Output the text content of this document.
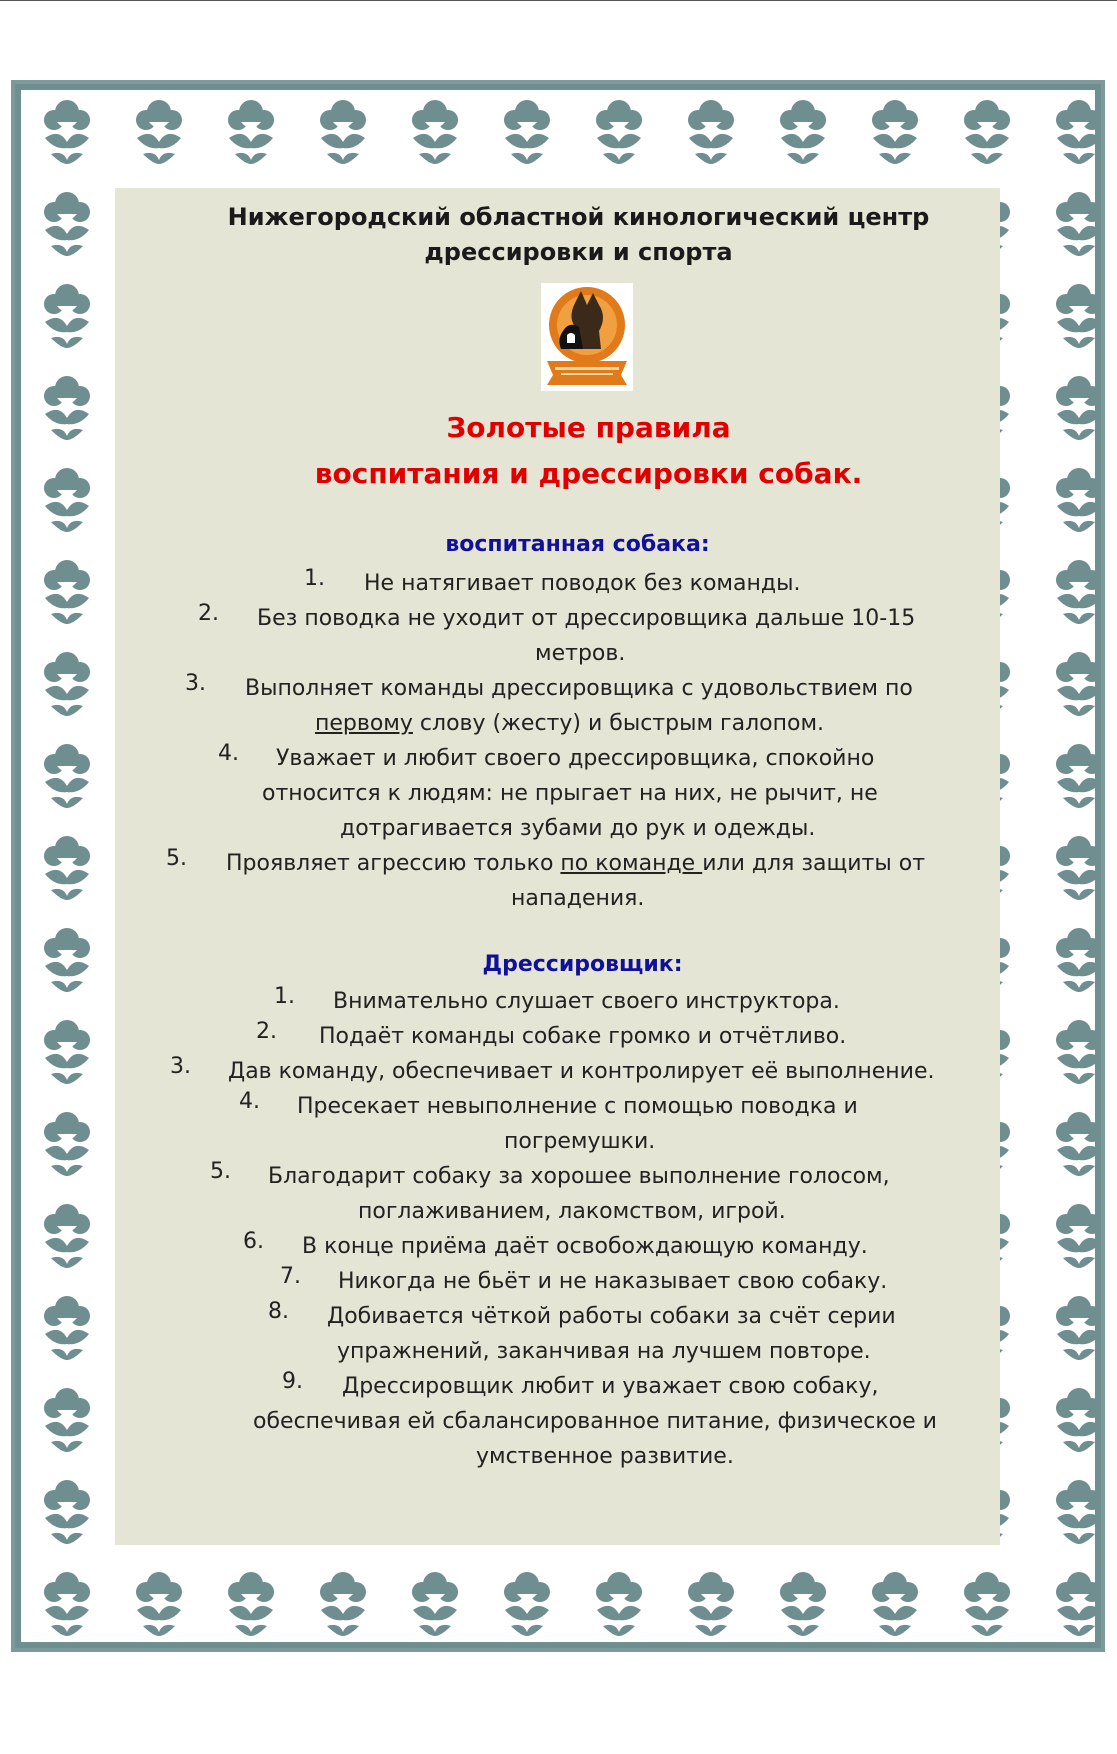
Нижегородский областной кинологический центр
дрессировки и спорта
Золотые правила
воспитания и дрессировки собак.
воспитанная собака:
1. Не натягивает поводок без команды.
2. Без поводка не уходит от дрессировщика дальше 10-15
метров.
3. Выполняет команды дрессировщика с удовольствием по
первому слову (жесту) и быстрым галопом.
4. Уважает и любит своего дрессировщика, спокойно
относится к людям: не прыгает на них, не рычит, не
дотрагивается зубами до рук и одежды.
5. Проявляет агрессию только по команде или для защиты от
нападения.
Дрессировщик:
1. Внимательно слушает своего инструктора.
2. Подаёт команды собаке громко и отчётливо.
3. Дав команду, обеспечивает и контролирует её выполнение.
4. Пресекает невыполнение с помощью поводка и
погремушки.
5. Благодарит собаку за хорошее выполнение голосом,
поглаживанием, лакомством, игрой.
6. В конце приёма даёт освобождающую команду.
7. Никогда не бьёт и не наказывает свою собаку.
8. Добивается чёткой работы собаки за счёт серии
упражнений, заканчивая на лучшем повторе.
9. Дрессировщик любит и уважает свою собаку,
обеспечивая ей сбалансированное питание, физическое и
умственное развитие.
